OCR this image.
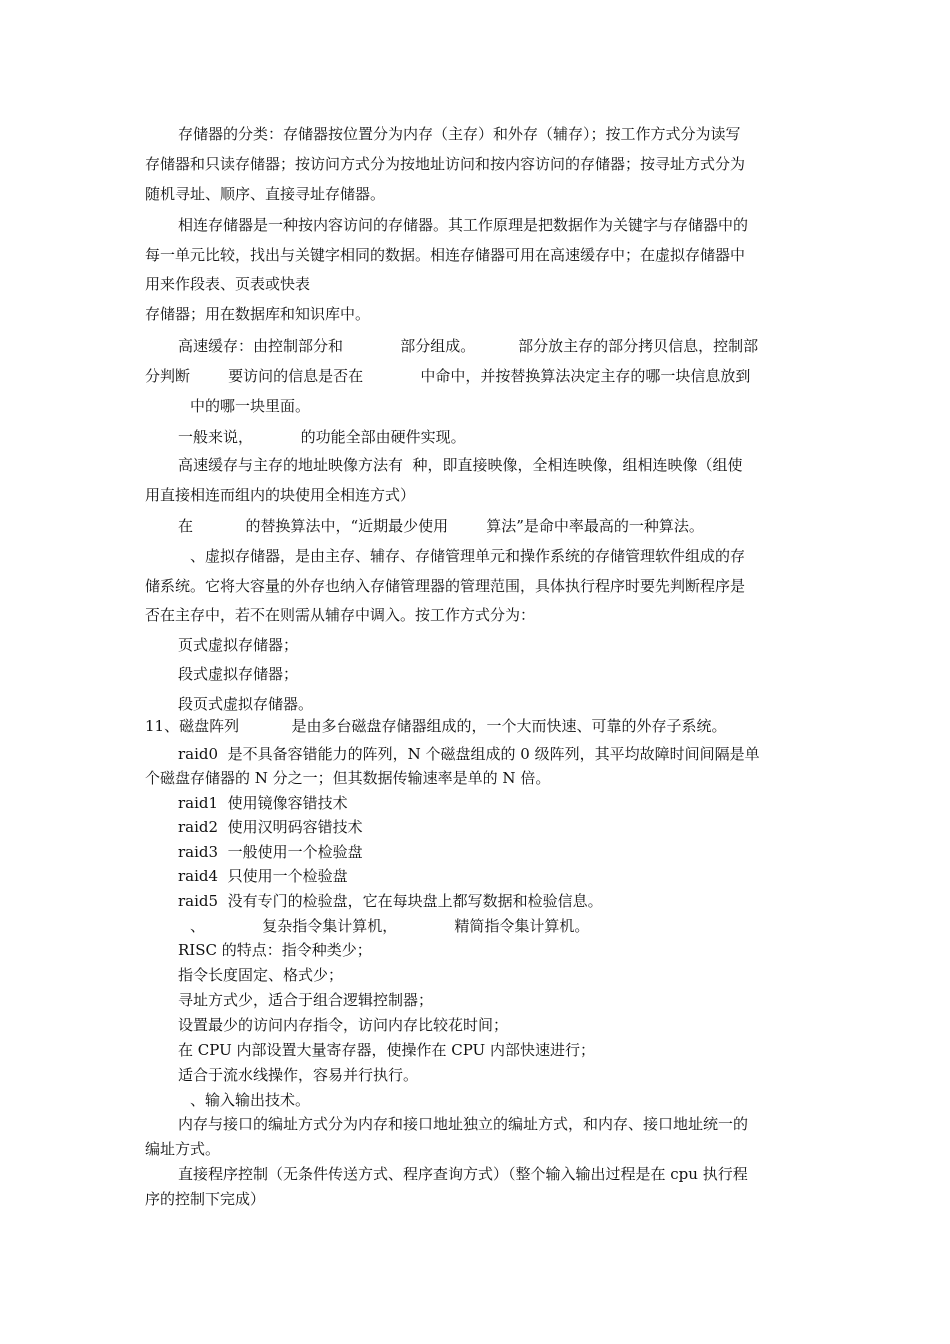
存储器的分类：存储器按位置分为内存（主存）和外存（辅存）；按工作方式分为读写
存储器和只读存储器；按访问方式分为按地址访问和按内容访问的存储器；按寻址方式分为
随机寻址、顺序、直接寻址存储器。
相连存储器是一种按内容访问的存储器。其工作原理是把数据作为关键字与存储器中的
每一单元比较，找出与关键字相同的数据。相连存储器可用在高速缓存中；在虚拟存储器中
用来作段表、页表或快表
存储器；用在数据库和知识库中。
高速缓存：由控制部分和            部分组成。         部分放主存的部分拷贝信息，控制部
分判断        要访问的信息是否在            中命中，并按替换算法决定主存的哪一块信息放到
中的哪一块里面。
一般来说，          的功能全部由硬件实现。
高速缓存与主存的地址映像方法有  种，即直接映像，全相连映像，组相连映像（组使
用直接相连而组内的块使用全相连方式）
在           的替换算法中，“近期最少使用        算法”是命中率最高的一种算法。
、虚拟存储器，是由主存、辅存、存储管理单元和操作系统的存储管理软件组成的存
储系统。它将大容量的外存也纳入存储管理器的管理范围，具体执行程序时要先判断程序是
否在主存中，若不在则需从辅存中调入。按工作方式分为：
页式虚拟存储器；
段式虚拟存储器；
段页式虚拟存储器。
11、磁盘阵列           是由多台磁盘存储器组成的，一个大而快速、可靠的外存子系统。
raid0  是不具备容错能力的阵列，N 个磁盘组成的 0 级阵列，其平均故障时间间隔是单
个磁盘存储器的 N 分之一；但其数据传输速率是单的 N 倍。
raid1  使用镜像容错技术
raid2  使用汉明码容错技术
raid3  一般使用一个检验盘
raid4  只使用一个检验盘
raid5  没有专门的检验盘，它在每块盘上都写数据和检验信息。
、            复杂指令集计算机，            精简指令集计算机。
RISC 的特点：指令种类少；
指令长度固定、格式少；
寻址方式少，适合于组合逻辑控制器；
设置最少的访问内存指令，访问内存比较花时间；
在 CPU 内部设置大量寄存器，使操作在 CPU 内部快速进行；
适合于流水线操作，容易并行执行。
、输入输出技术。
内存与接口的编址方式分为内存和接口地址独立的编址方式，和内存、接口地址统一的
编址方式。
直接程序控制（无条件传送方式、程序查询方式）（整个输入输出过程是在 cpu 执行程
序的控制下完成）
